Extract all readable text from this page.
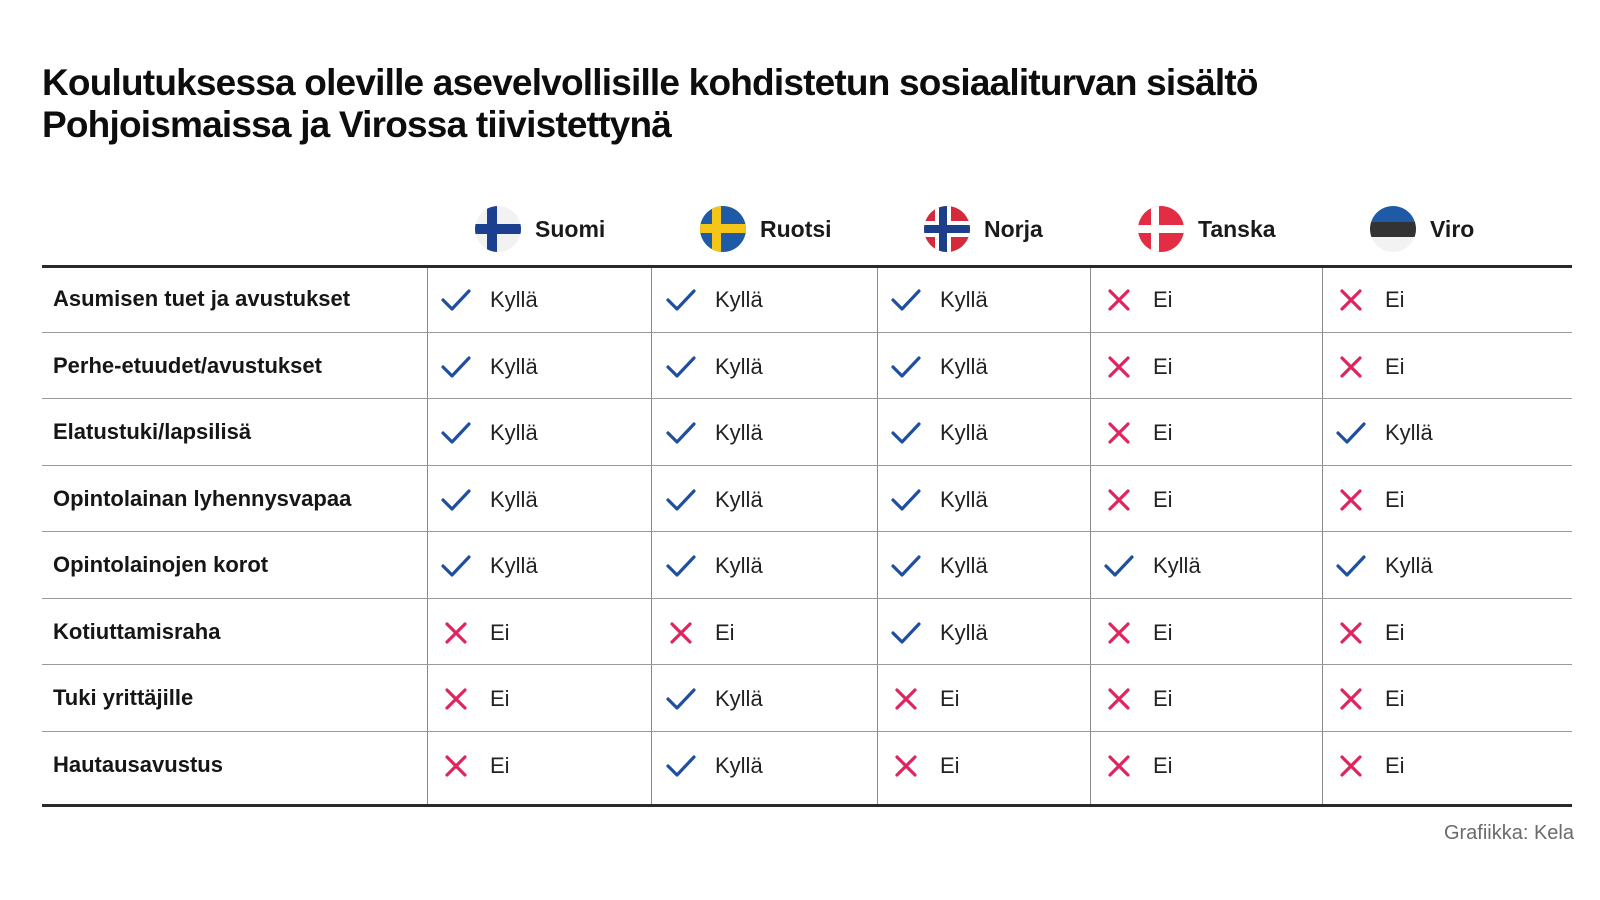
Koulutuksessa oleville asevelvollisille kohdistetun sosiaaliturvan sisältö
Pohjoismaissa ja Virossa tiivistettynä
Suomi	Ruotsi	Norja	Tanska	Viro
Grafiikka: Kela
Asumisen tuet ja avustukset	Kyllä	Kyllä	Kyllä	Ei	Ei
Perhe-etuudet/avustukset	Kyllä	Kyllä	Kyllä	Ei	Ei
Elatustuki/lapsilisä	Kyllä	Kyllä	Kyllä	Ei	Kyllä
Opintolainan lyhennysvapaa	Kyllä	Kyllä	Kyllä	Ei	Ei
Opintolainojen korot	Kyllä	Kyllä	Kyllä	Kyllä	Kyllä
Kotiuttamisraha	Ei	Ei	Kyllä	Ei	Ei
Tuki yrittäjille	Ei	Kyllä	Ei	Ei	Ei
Hautausavustus	Ei	Kyllä	Ei	Ei	Ei
